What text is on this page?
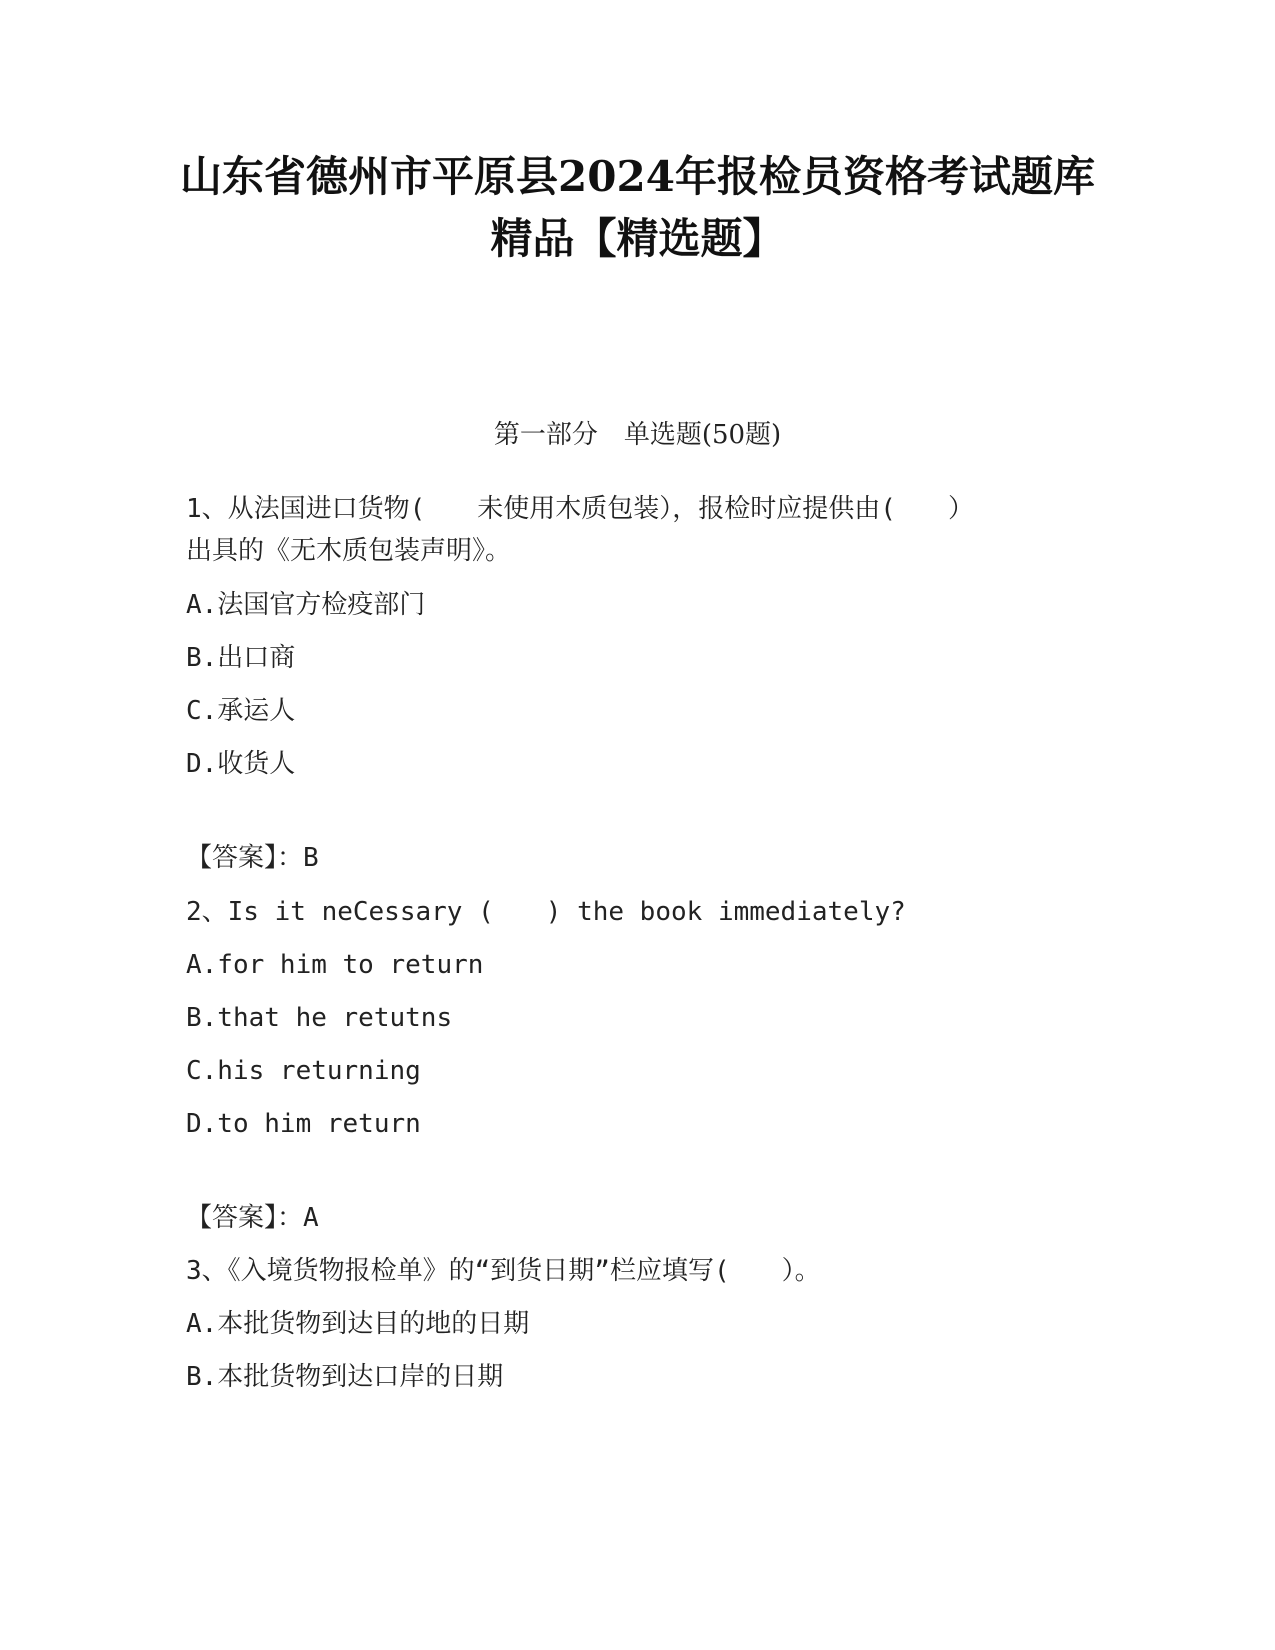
山东省德州市平原县2024年报检员资格考试题库
精品【精选题】
第一部分　单选题(50题)
1、从法国进口货物(　　未使用木质包装），报检时应提供由(　　）
出具的《无木质包装声明》。
A.法国官方检疫部门
B.出口商
C.承运人
D.收货人
【答案】：B
2、Is it neCessary (　　) the book immediately?
A.for him to return
B.that he retutns
C.his returning
D.to him return
【答案】：A
3、《入境货物报检单》的“到货日期”栏应填写(　　）。
A.本批货物到达目的地的日期
B.本批货物到达口岸的日期
